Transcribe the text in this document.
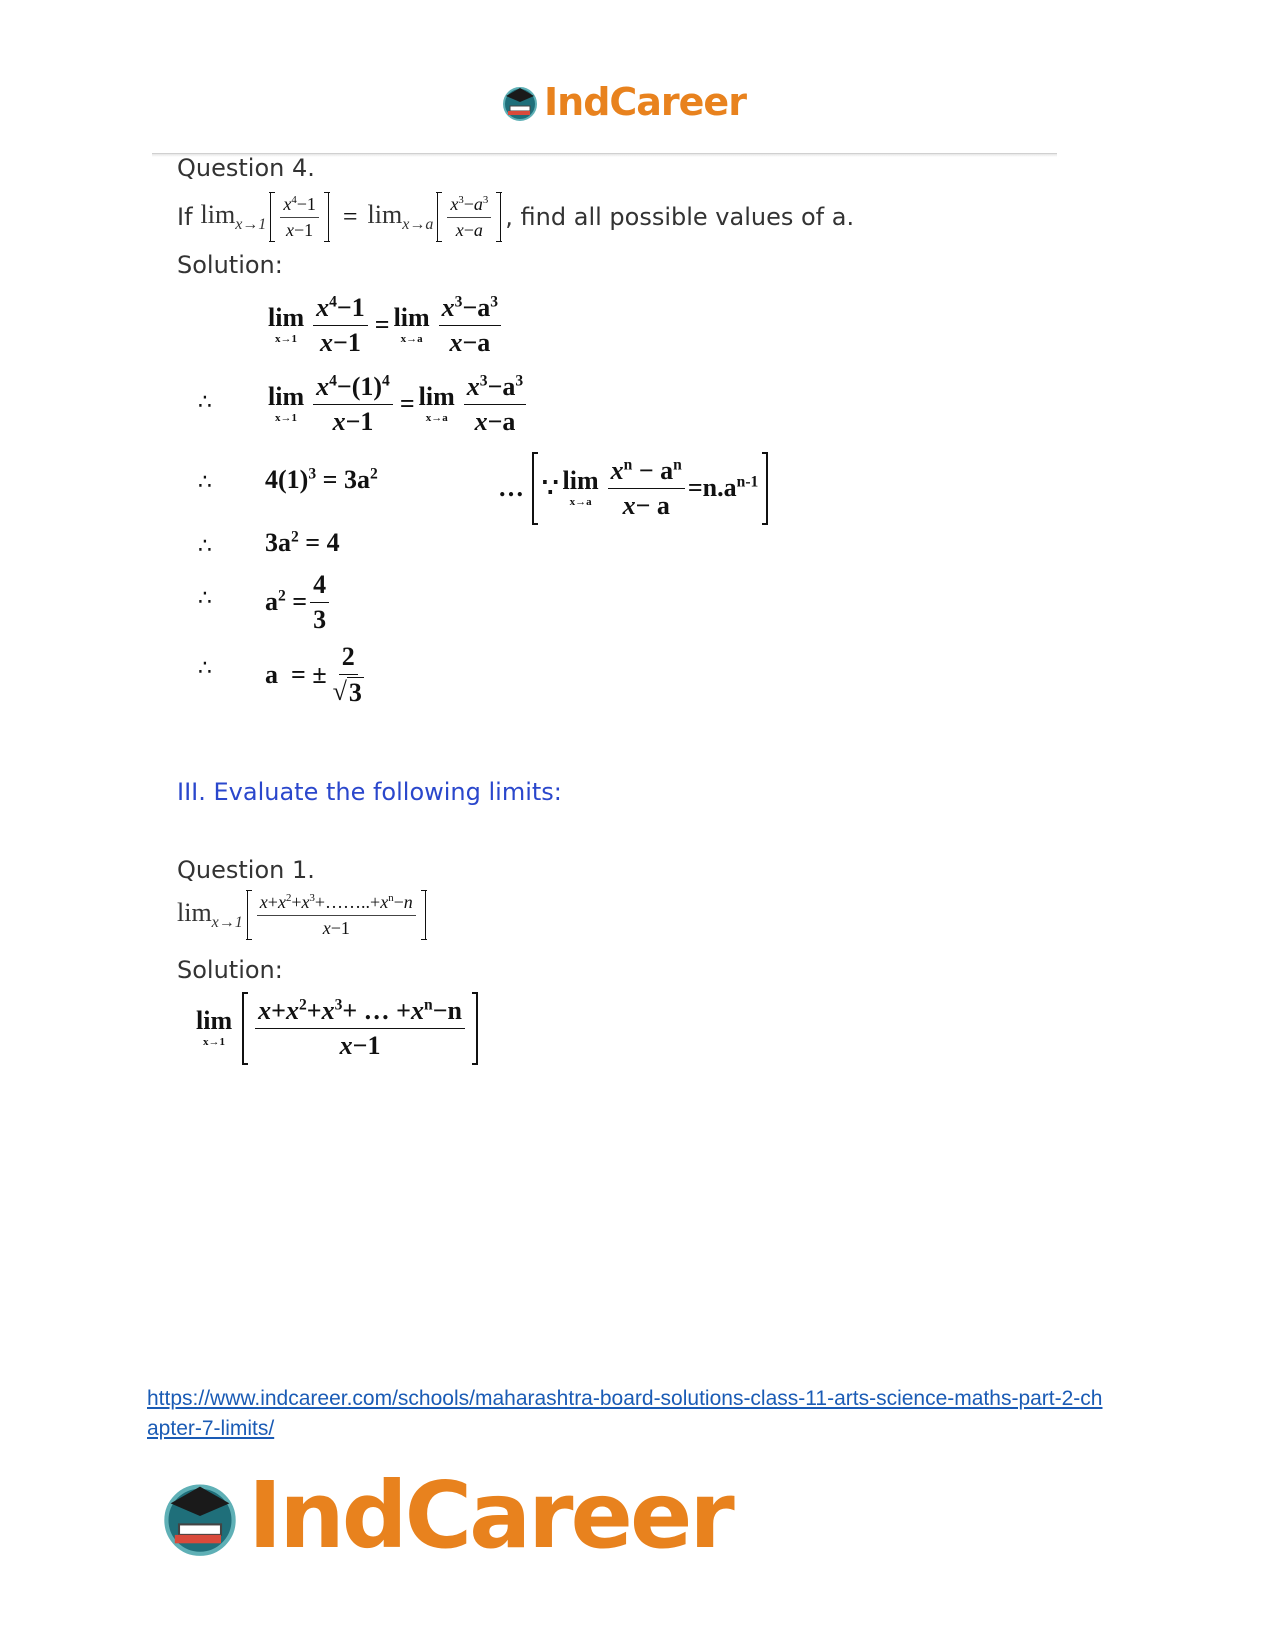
IndCareer
Question 4.
If $\lim_{x\to 1} \frac{x^4-1}{x-1} = \lim_{x\to a} \frac{x^3-a^3}{x-a}$ , find all possible values of a.
Solution:
lim
$x\to 1 \frac{x^4-1}{x-1} = \lim$
$x\to a \frac{x^3-a^3}{x-a}$
∴ lim
$x\to 1 \frac{x^4-(1)^4}{x-1} = \lim$
$x\to a \frac{x^3-a^3}{x-a}$
∴ $4(1)^3 = 3a^2$	… ∵ lim
$x\to a \frac{x^n - a^n}{x- a} =n.a^{n-1}$
∴ $3a^2 = 4$
∴ $a^2 = \frac{4}{3}$
∴ a  = ± $\frac{2}{√ 3}$
III. Evaluate the following limits:
Question 1.
$\lim_{x\to 1} \frac{x+x^2+x^3+\dots\dots..+x^n-n}{x-1}$
Solution:
lim
$x\to 1 \frac{x+x^2+x^3+ \dots +x^n-n}{x-1}$
https://www.indcareer.com/schools/maharashtra-board-solutions-class-11-arts-science-maths-part-2-chapter-7-limits/
IndCareer
